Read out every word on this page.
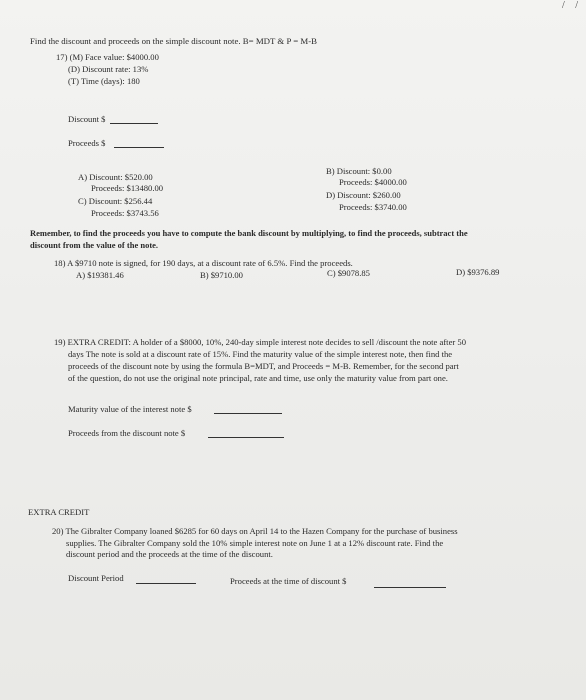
/ /
Find the discount and proceeds on the simple discount note. B= MDT & P = M-B
17) (M) Face value: $4000.00
(D) Discount rate: 13%
(T) Time (days): 180
Discount $
Proceeds $
A) Discount: $520.00
Proceeds: $13480.00
C) Discount: $256.44
Proceeds: $3743.56
B) Discount: $0.00
Proceeds: $4000.00
D) Discount: $260.00
Proceeds: $3740.00
Remember, to find the proceeds you have to compute the bank discount by multiplying, to find the proceeds, subtract the
discount from the value of the note.
18) A $9710 note is signed, for 190 days, at a discount rate of 6.5%. Find the proceeds.
A) $19381.46	B) $9710.00	C) $9078.85	D) $9376.89
19) EXTRA CREDIT: A holder of a $8000, 10%, 240-day simple interest note decides to sell /discount the note after 50
days The note is sold at a discount rate of 15%. Find the maturity value of the simple interest note, then find the
proceeds of the discount note by using the formula B=MDT, and Proceeds = M-B. Remember, for the second part
of the question, do not use the original note principal, rate and time, use only the maturity value from part one.
Maturity value of the interest note $
Proceeds from the discount note $
EXTRA CREDIT
20) The Gibralter Company loaned $6285 for 60 days on April 14 to the Hazen Company for the purchase of business
supplies. The Gibralter Company sold the 10% simple interest note on June 1 at a 12% discount rate. Find the
discount period and the proceeds at the time of the discount.
Discount Period	Proceeds at the time of discount $
